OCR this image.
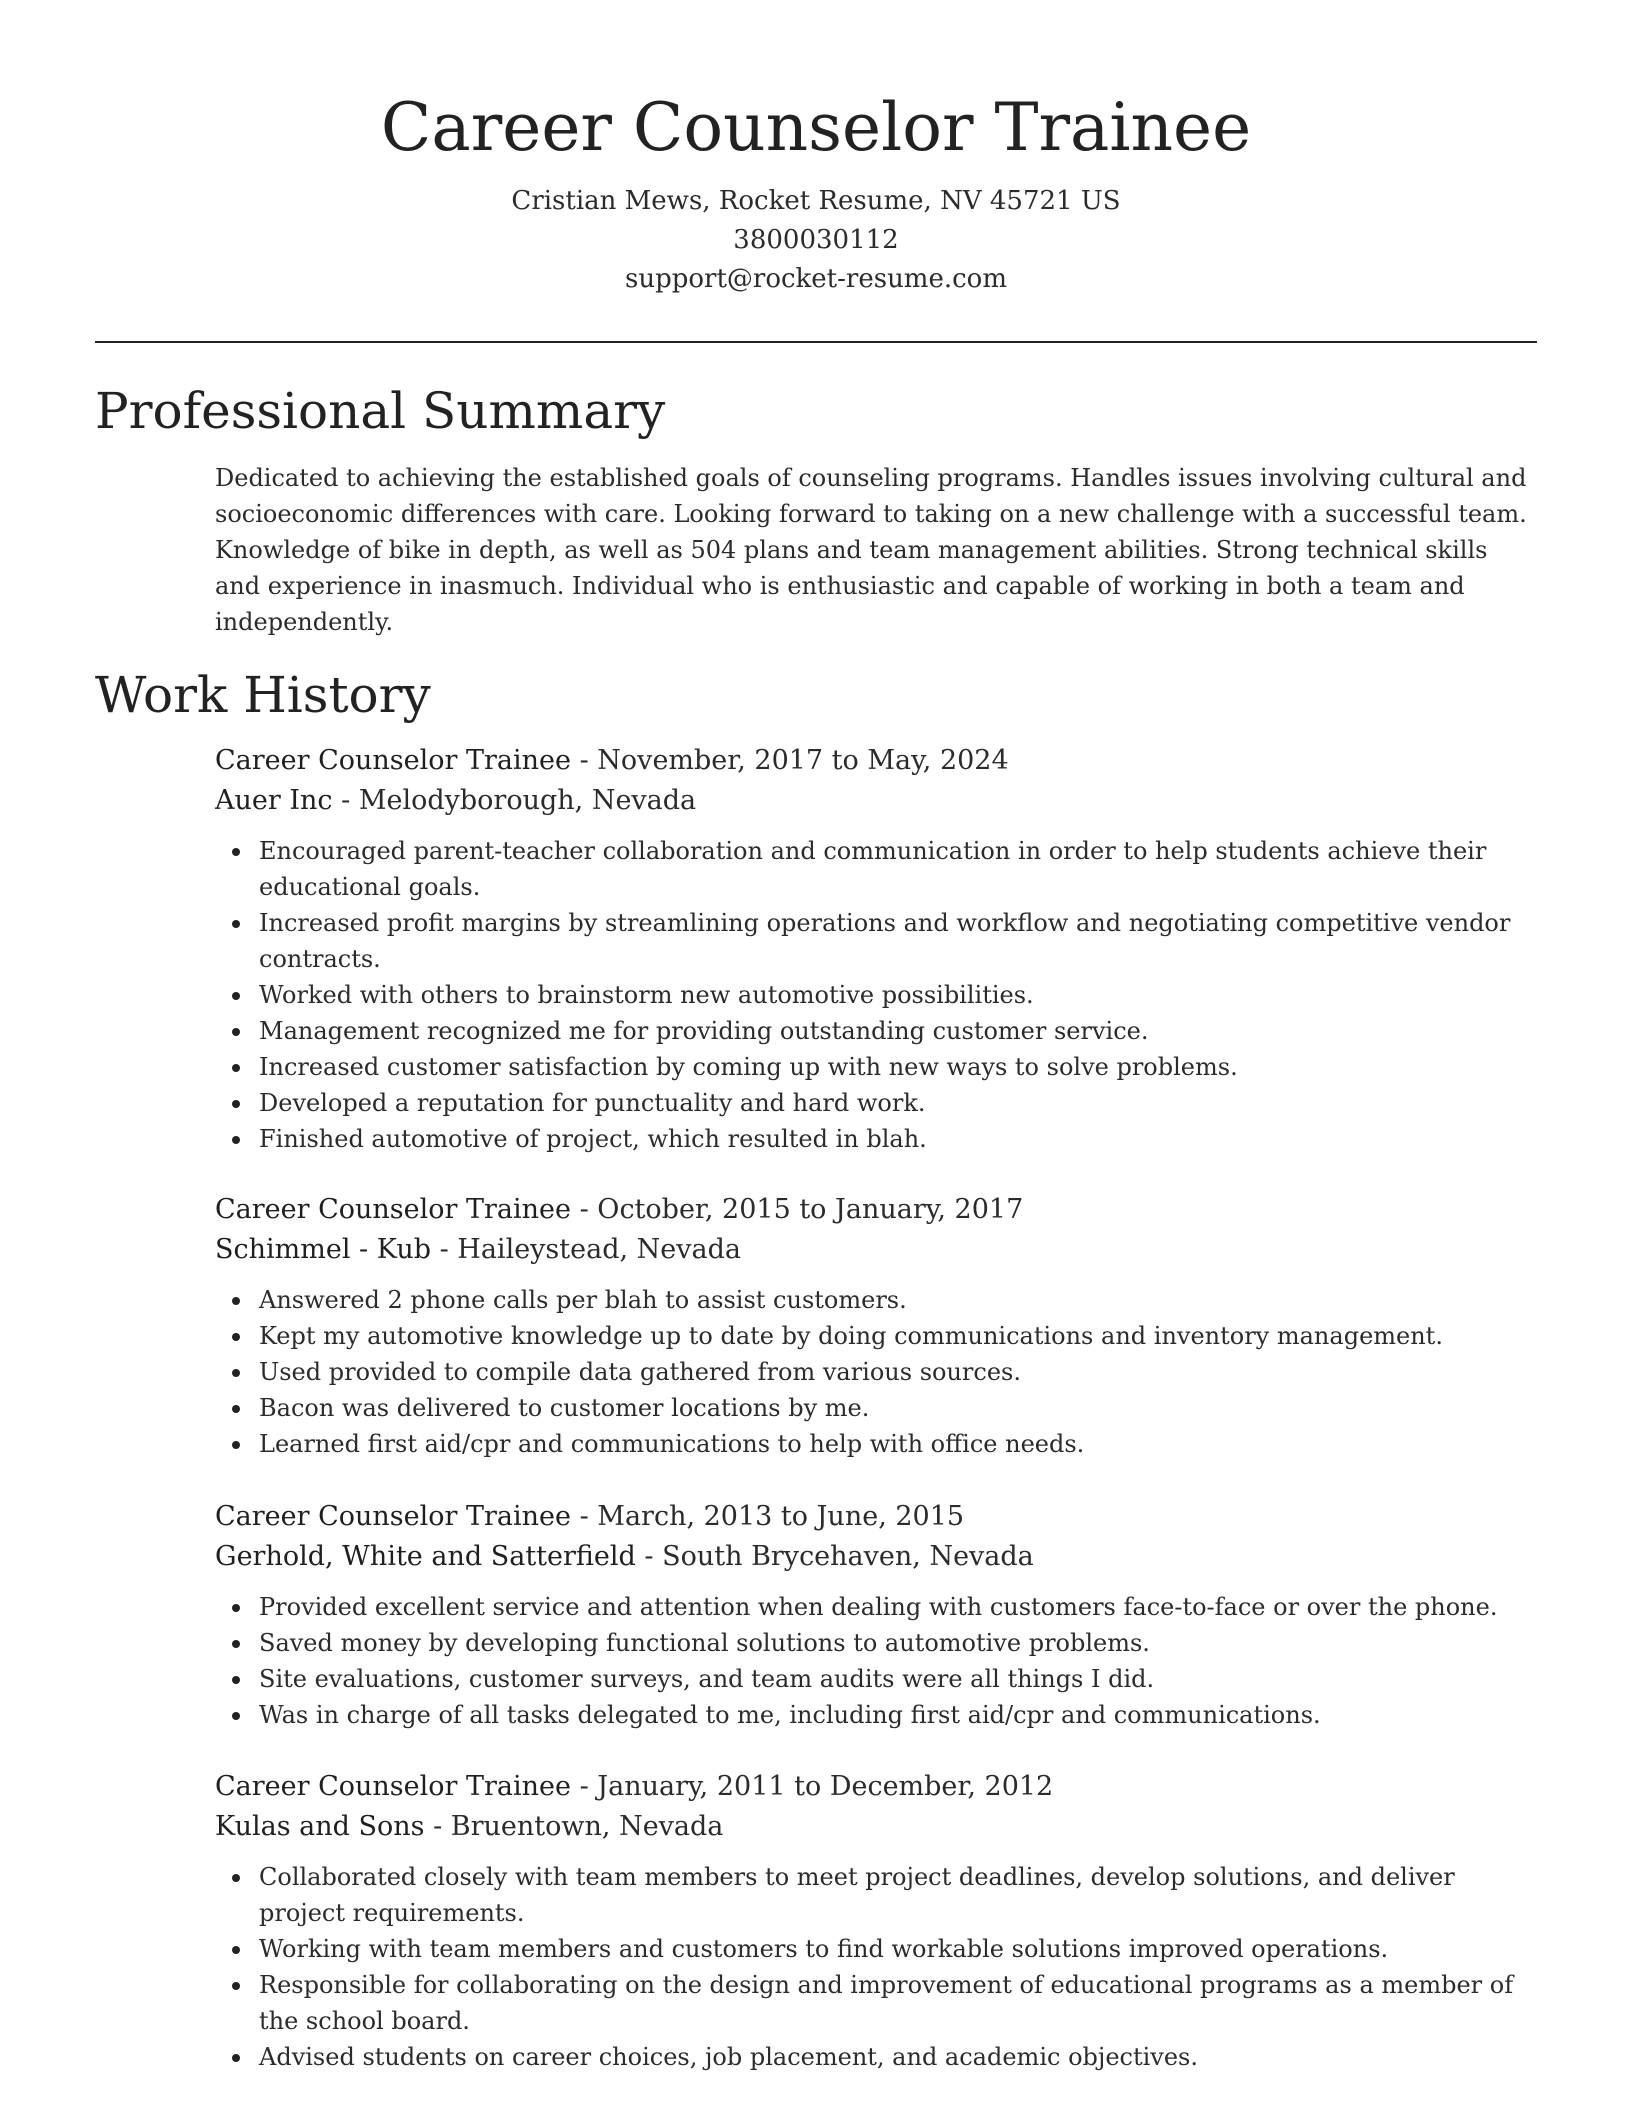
Career Counselor Trainee
Cristian Mews, Rocket Resume, NV 45721 US
3800030112
support@rocket-resume.com
Professional Summary

Dedicated to achieving the established goals of counseling programs. Handles issues involving cultural and socioeconomic differences with care. Looking forward to taking on a new challenge with a successful team. Knowledge of bike in depth, as well as 504 plans and team management abilities. Strong technical skills and experience in inasmuch. Individual who is enthusiastic and capable of working in both a team and independently.

Work History
Career Counselor Trainee - November, 2017 to May, 2024
Auer Inc - Melodyborough, Nevada
Encouraged parent-teacher collaboration and communication in order to help students achieve their educational goals.
Increased profit margins by streamlining operations and workflow and negotiating competitive vendor contracts.
Worked with others to brainstorm new automotive possibilities.
Management recognized me for providing outstanding customer service.
Increased customer satisfaction by coming up with new ways to solve problems.
Developed a reputation for punctuality and hard work.
Finished automotive of project, which resulted in blah.
Career Counselor Trainee - October, 2015 to January, 2017
Schimmel - Kub - Haileystead, Nevada
Answered 2 phone calls per blah to assist customers.
Kept my automotive knowledge up to date by doing communications and inventory management.
Used provided to compile data gathered from various sources.
Bacon was delivered to customer locations by me.
Learned first aid/cpr and communications to help with office needs.
Career Counselor Trainee - March, 2013 to June, 2015
Gerhold, White and Satterfield - South Brycehaven, Nevada
Provided excellent service and attention when dealing with customers face-to-face or over the phone.
Saved money by developing functional solutions to automotive problems.
Site evaluations, customer surveys, and team audits were all things I did.
Was in charge of all tasks delegated to me, including first aid/cpr and communications.
Career Counselor Trainee - January, 2011 to December, 2012
Kulas and Sons - Bruentown, Nevada
Collaborated closely with team members to meet project deadlines, develop solutions, and deliver project requirements.
Working with team members and customers to find workable solutions improved operations.
Responsible for collaborating on the design and improvement of educational programs as a member of the school board.
Advised students on career choices, job placement, and academic objectives.
